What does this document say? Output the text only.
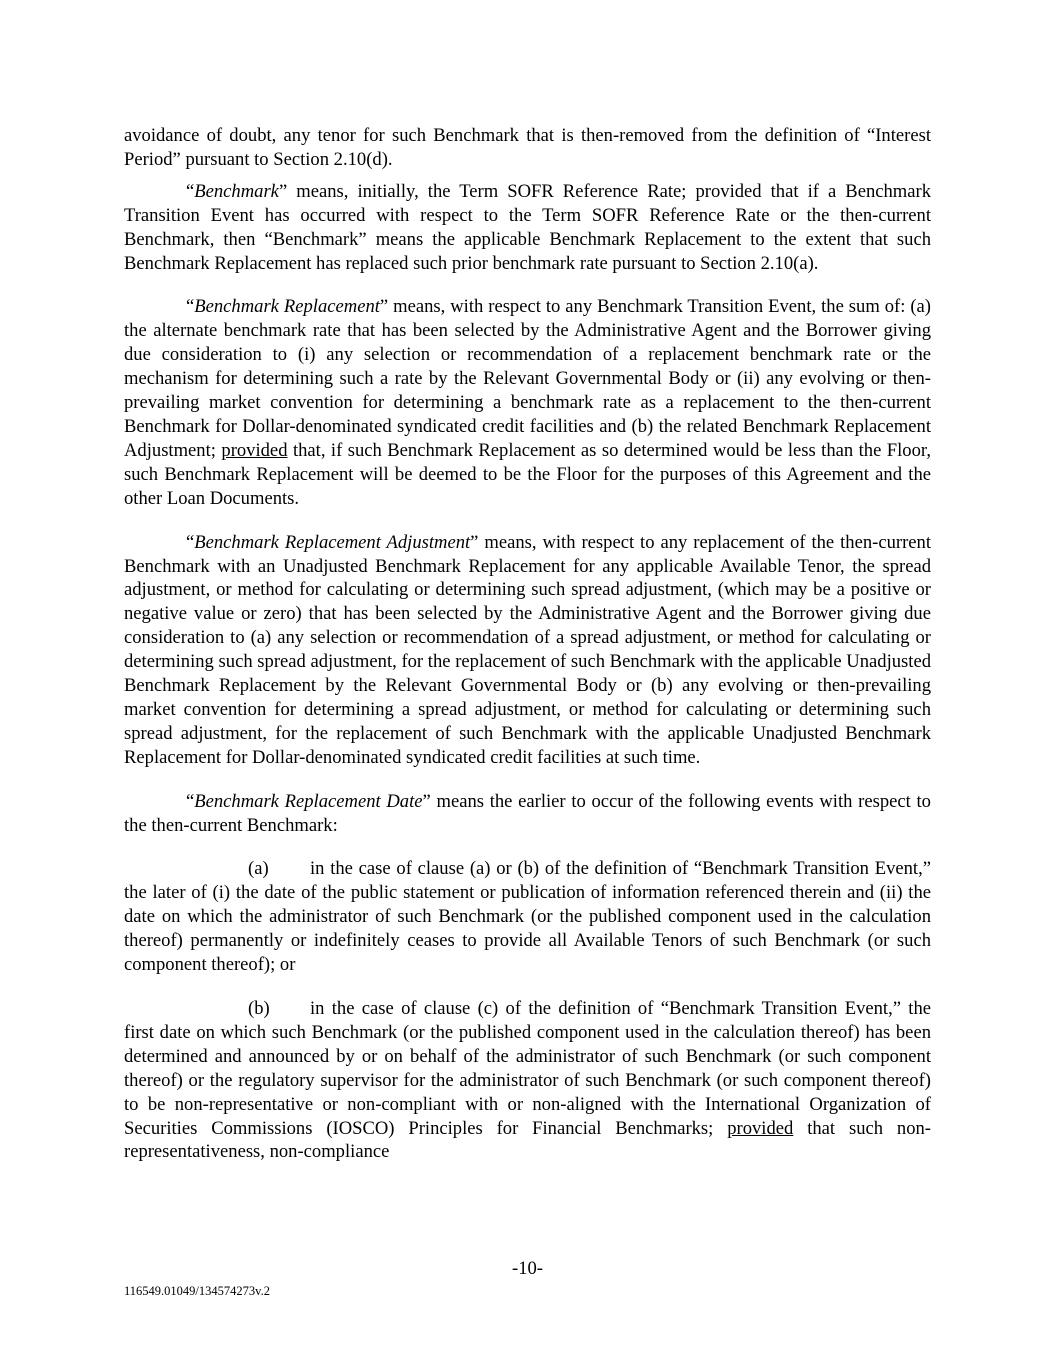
avoidance of doubt, any tenor for such Benchmark that is then-removed from the definition of “Interest Period” pursuant to Section 2.10(d).

“Benchmark” means, initially, the Term SOFR Reference Rate; provided that if a Benchmark Transition Event has occurred with respect to the Term SOFR Reference Rate or the then-current Benchmark, then “Benchmark” means the applicable Benchmark Replacement to the extent that such Benchmark Replacement has replaced such prior benchmark rate pursuant to Section 2.10(a).

“Benchmark Replacement” means, with respect to any Benchmark Transition Event, the sum of: (a) the alternate benchmark rate that has been selected by the Administrative Agent and the Borrower giving due consideration to (i) any selection or recommendation of a replacement benchmark rate or the mechanism for determining such a rate by the Relevant Governmental Body or (ii) any evolving or then-prevailing market convention for determining a benchmark rate as a replacement to the then-current Benchmark for Dollar-denominated syndicated credit facilities and (b) the related Benchmark Replacement Adjustment; provided that, if such Benchmark Replacement as so determined would be less than the Floor, such Benchmark Replacement will be deemed to be the Floor for the purposes of this Agreement and the other Loan Documents.

“Benchmark Replacement Adjustment” means, with respect to any replacement of the then-current Benchmark with an Unadjusted Benchmark Replacement for any applicable Available Tenor, the spread adjustment, or method for calculating or determining such spread adjustment, (which may be a positive or negative value or zero) that has been selected by the Administrative Agent and the Borrower giving due consideration to (a) any selection or recommendation of a spread adjustment, or method for calculating or determining such spread adjustment, for the replacement of such Benchmark with the applicable Unadjusted Benchmark Replacement by the Relevant Governmental Body or (b) any evolving or then-prevailing market convention for determining a spread adjustment, or method for calculating or determining such spread adjustment, for the replacement of such Benchmark with the applicable Unadjusted Benchmark Replacement for Dollar-denominated syndicated credit facilities at such time.

“Benchmark Replacement Date” means the earlier to occur of the following events with respect to the then-current Benchmark:

(a) in the case of clause (a) or (b) of the definition of “Benchmark Transition Event,” the later of (i) the date of the public statement or publication of information referenced therein and (ii) the date on which the administrator of such Benchmark (or the published component used in the calculation thereof) permanently or indefinitely ceases to provide all Available Tenors of such Benchmark (or such component thereof); or

(b) in the case of clause (c) of the definition of “Benchmark Transition Event,” the first date on which such Benchmark (or the published component used in the calculation thereof) has been determined and announced by or on behalf of the administrator of such Benchmark (or such component thereof) or the regulatory supervisor for the administrator of such Benchmark (or such component thereof) to be non-representative or non-compliant with or non-aligned with the International Organization of Securities Commissions (IOSCO) Principles for Financial Benchmarks; provided that such non-representativeness, non-compliance

-10-
116549.01049/134574273v.2
